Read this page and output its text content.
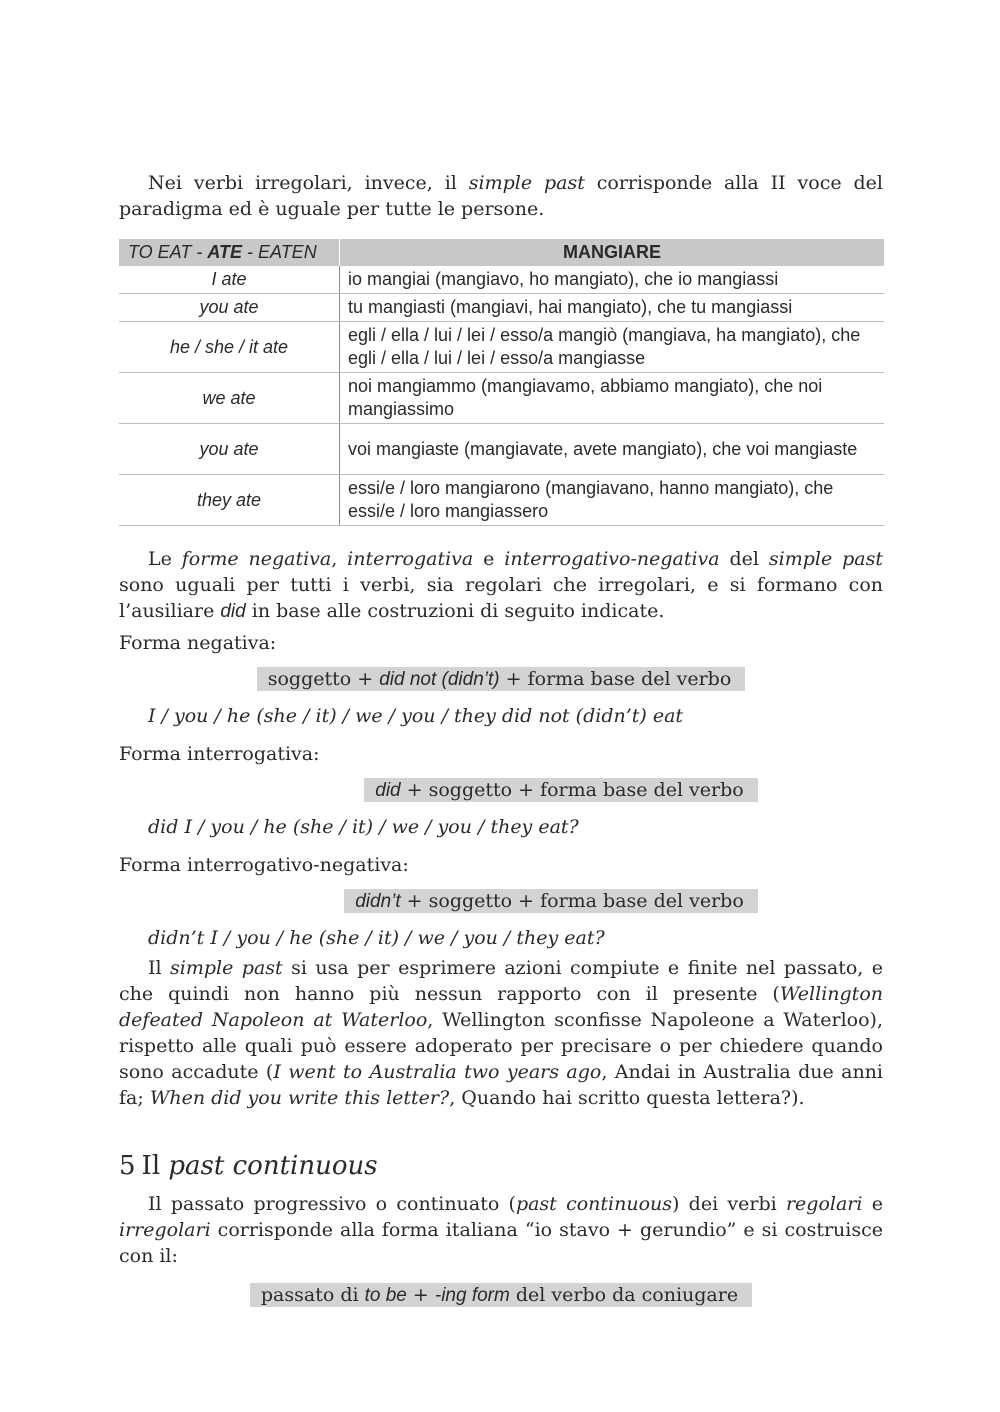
Nei verbi irregolari, invece, il simple past corrisponde alla II voce del paradigma ed è uguale per tutte le persone.

TO EAT - ATE - EATEN	MANGIARE
I ate	io mangiai (mangiavo, ho mangiato), che io mangiassi
you ate	tu mangiasti (mangiavi, hai mangiato), che tu mangiassi
he / she / it ate	egli / ella / lui / lei / esso/a mangiò (mangiava, ha mangiato), che egli / ella / lui / lei / esso/a mangiasse
we ate	noi mangiammo (mangiavamo, abbiamo mangiato), che noi mangiassimo
you ate	voi mangiaste (mangiavate, avete mangiato), che voi mangiaste
they ate	essi/e / loro mangiarono (mangiavano, hanno mangiato), che essi/e / loro mangiassero

Le forme negativa, interrogativa e interrogativo-negativa del simple past sono uguali per tutti i verbi, sia regolari che irregolari, e si formano con l’ausiliare did in base alle costruzioni di seguito indicate.

Forma negativa:

soggetto + did not (didn’t) + forma base del verbo

I / you / he (she / it) / we / you / they did not (didn’t) eat

Forma interrogativa:

did + soggetto + forma base del verbo

did I / you / he (she / it) / we / you / they eat?

Forma interrogativo-negativa:

didn’t + soggetto + forma base del verbo

didn’t I / you / he (she / it) / we / you / they eat?

Il simple past si usa per esprimere azioni compiute e finite nel passato, e che quindi non hanno più nessun rapporto con il presente (Wellington defeated Napoleon at Waterloo, Wellington sconfisse Napoleone a Waterloo), rispetto alle quali può essere adoperato per precisare o per chiedere quando sono accadute (I went to Australia two years ago, Andai in Australia due anni fa; When did you write this letter?, Quando hai scritto questa lettera?).

5 Il past continuous

Il passato progressivo o continuato (past continuous) dei verbi regolari e irregolari corrisponde alla forma italiana “io stavo + gerundio” e si costruisce con il:

passato di to be + -ing form del verbo da coniugare
